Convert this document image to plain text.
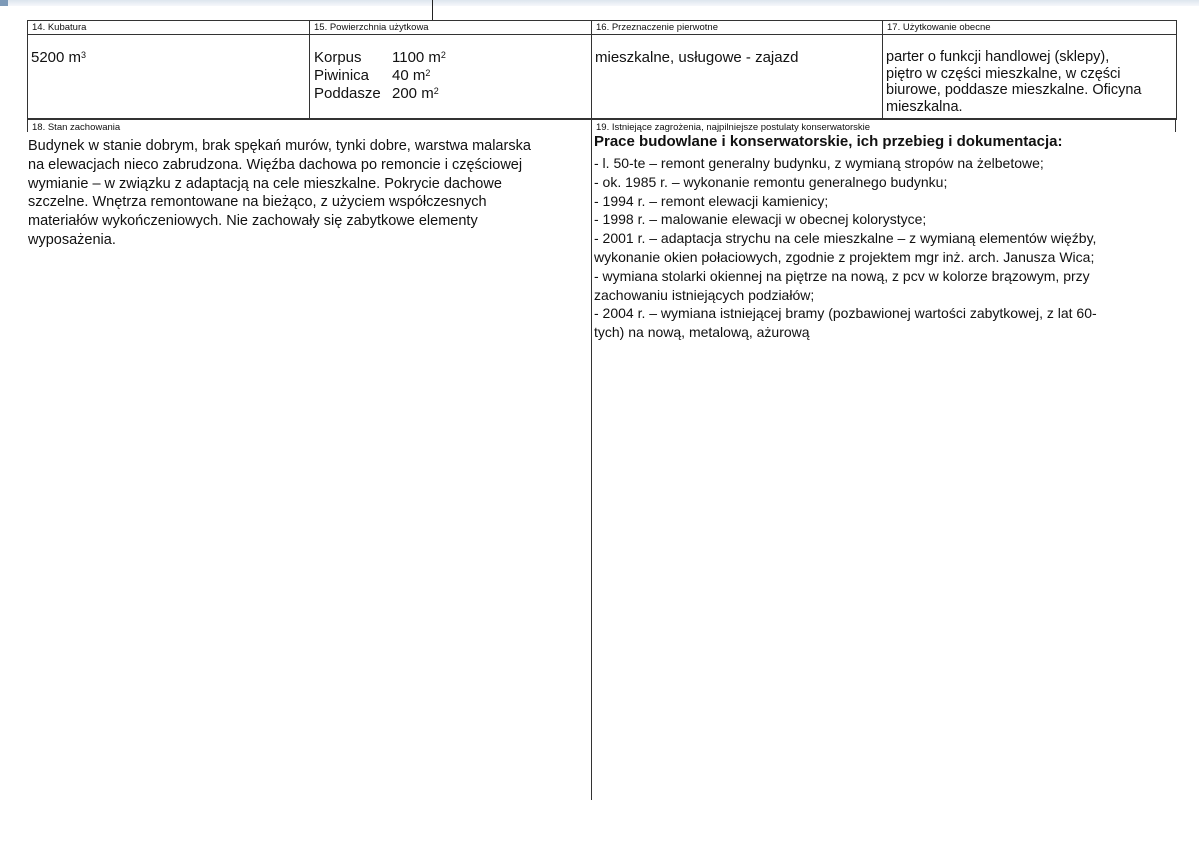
14. Kubatura
5200 $m^3$
15. Powierzchnia użytkowa
Korpus	1100 $m^2$
Piwinica	40 $m^2$
Poddasze	200 $m^2$
16. Przeznaczenie pierwotne
mieszkalne, usługowe - zajazd
17. Użytkowanie obecne
parter o funkcji handlowej (sklepy),
piętro w części mieszkalne, w części
biurowe, poddasze mieszkalne. Oficyna
mieszkalna.
18. Stan zachowania
Budynek w stanie dobrym, brak spękań murów, tynki dobre, warstwa malarska
na elewacjach nieco zabrudzona. Więźba dachowa po remoncie i częściowej
wymianie – w związku z adaptacją na cele mieszkalne. Pokrycie dachowe
szczelne. Wnętrza remontowane na bieżąco, z użyciem współczesnych
materiałów wykończeniowych. Nie zachowały się zabytkowe elementy
wyposażenia.
19. Istniejące zagrożenia, najpilniejsze postulaty konserwatorskie
Prace budowlane i konserwatorskie, ich przebieg i dokumentacja:
- l. 50-te – remont generalny budynku, z wymianą stropów na żelbetowe;
- ok. 1985 r. – wykonanie remontu generalnego budynku;
- 1994 r. – remont elewacji kamienicy;
- 1998 r. – malowanie elewacji w obecnej kolorystyce;
- 2001 r. – adaptacja strychu na cele mieszkalne – z wymianą elementów więźby,
wykonanie okien połaciowych, zgodnie z projektem mgr inż. arch. Janusza Wica;
- wymiana stolarki okiennej na piętrze na nową, z pcv w kolorze brązowym, przy
zachowaniu istniejących podziałów;
- 2004 r. – wymiana istniejącej bramy (pozbawionej wartości zabytkowej, z lat 60-
tych) na nową, metalową, ażurową
